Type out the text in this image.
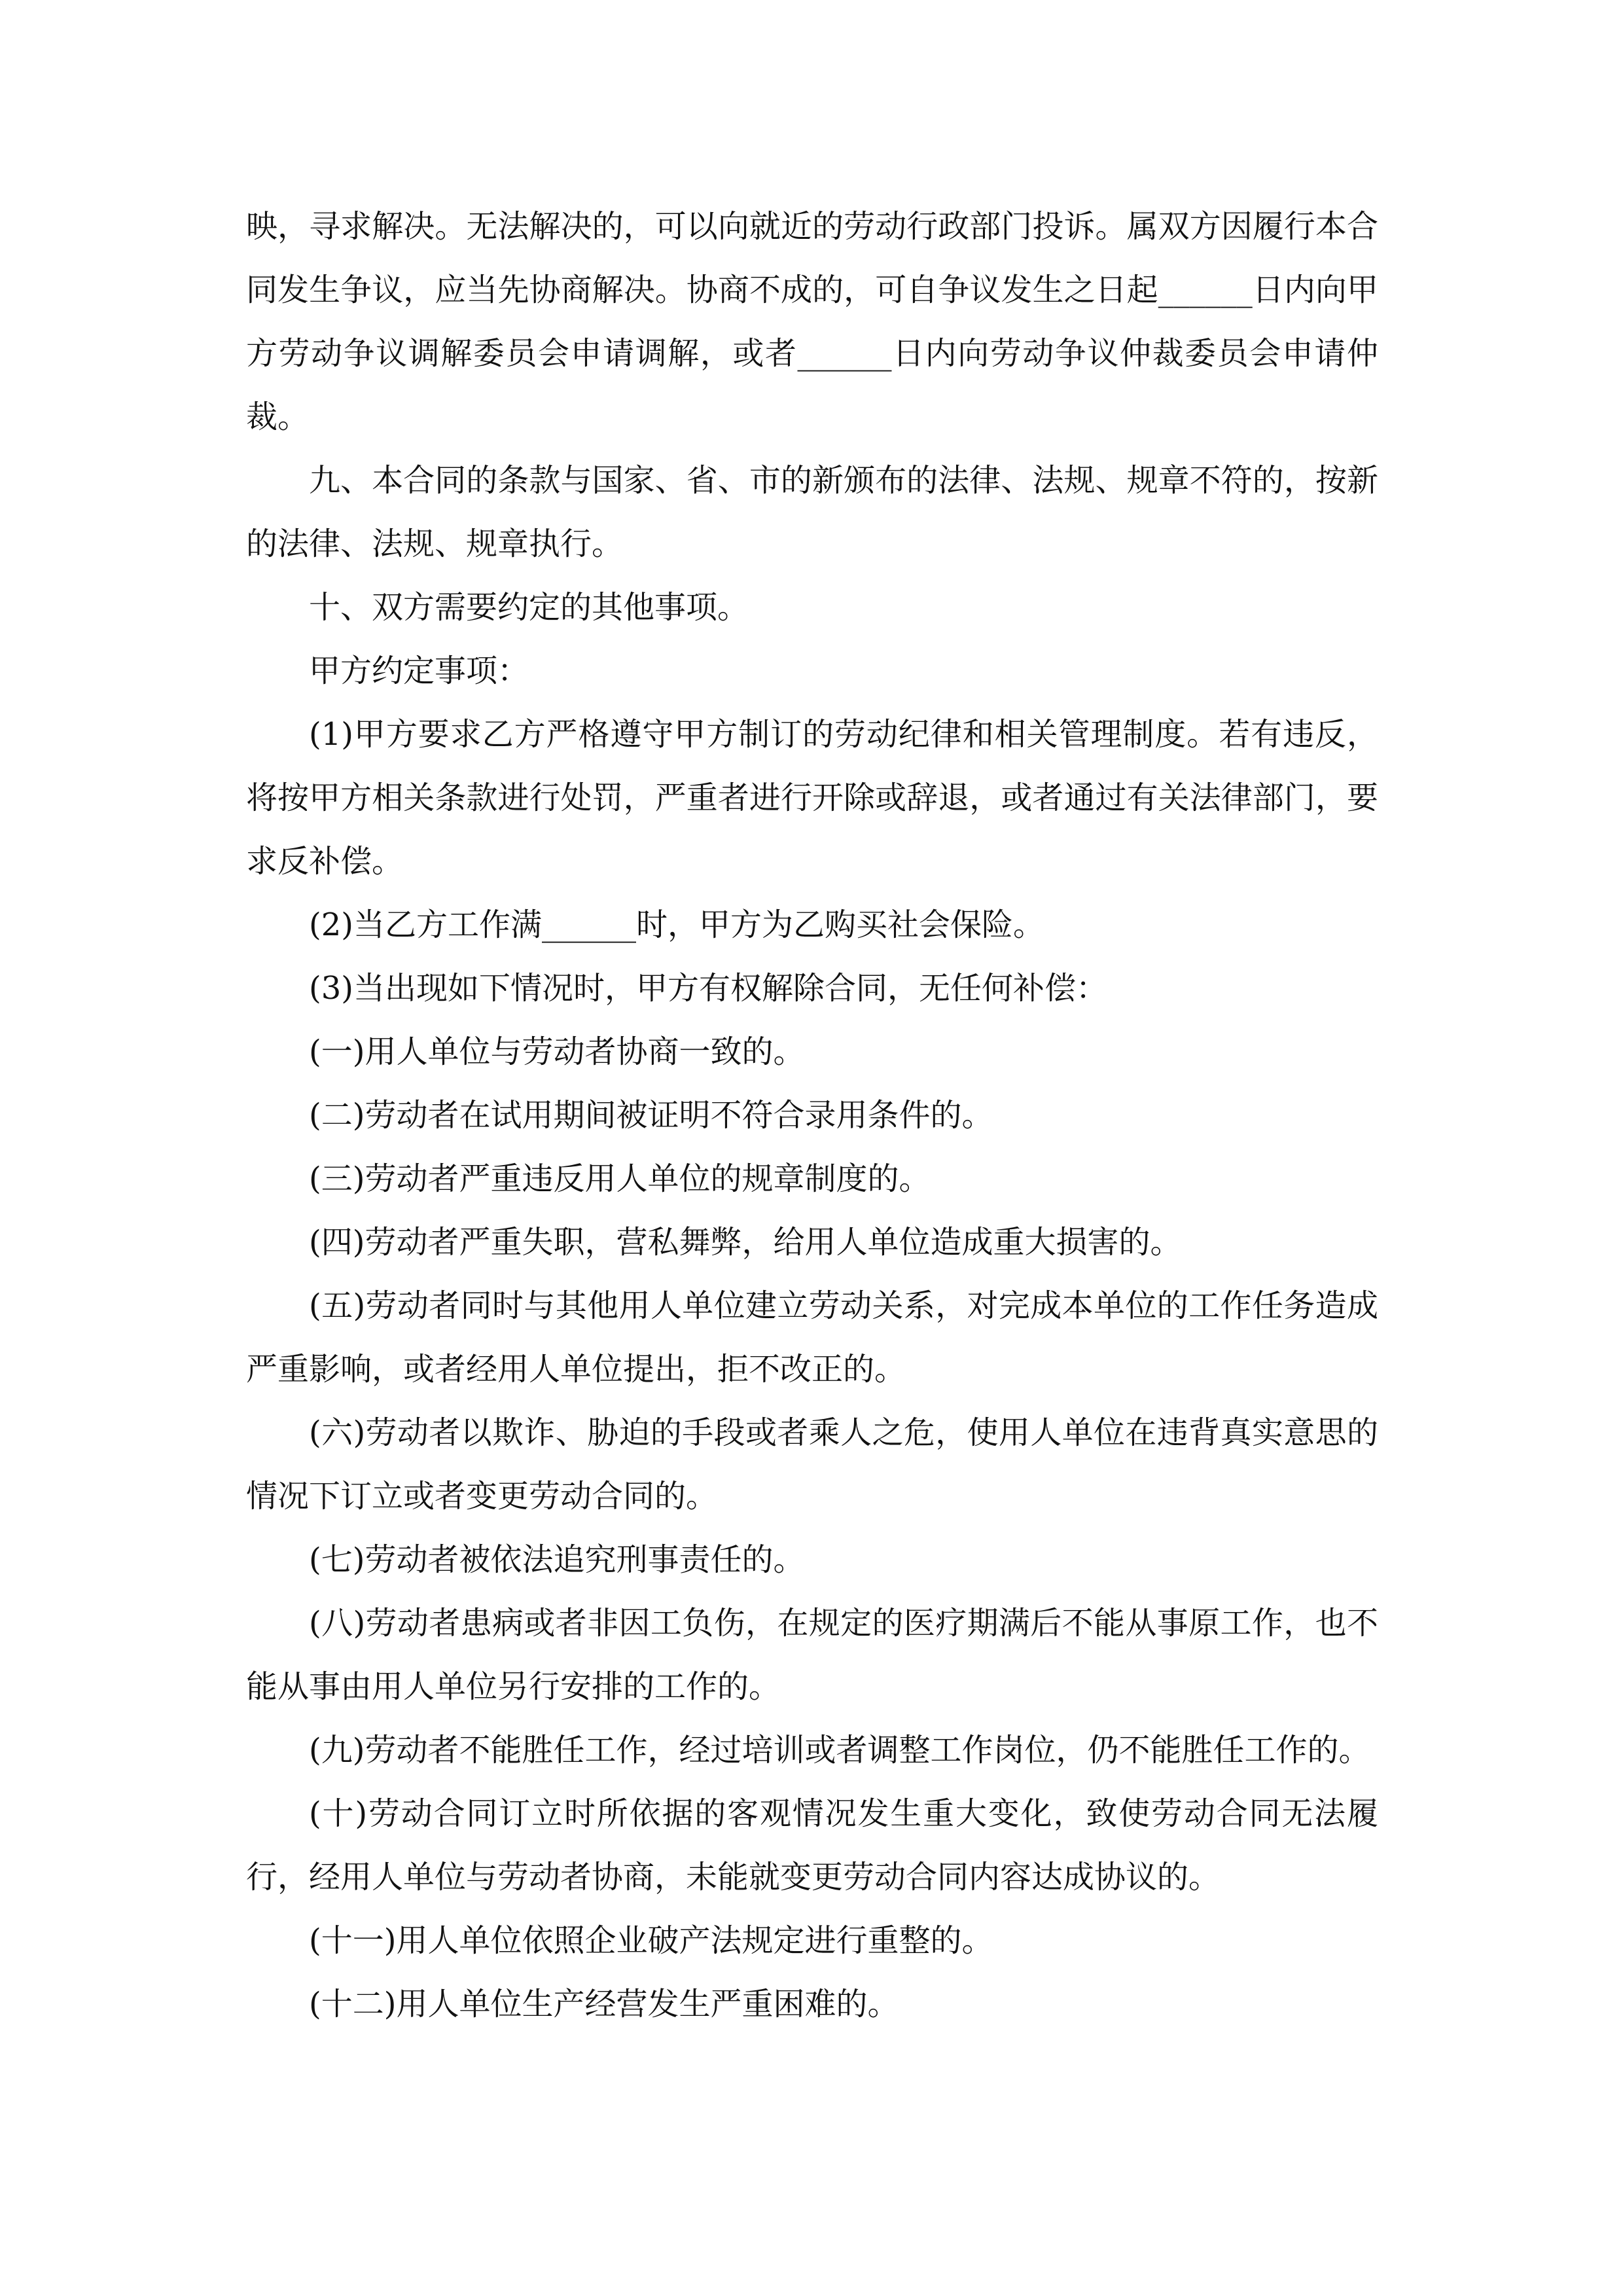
映，寻求解决。无法解决的，可以向就近的劳动行政部门投诉。属双方因履行本合同发生争议，应当先协商解决。协商不成的，可自争议发生之日起______日内向甲方劳动争议调解委员会申请调解，或者______日内向劳动争议仲裁委员会申请仲裁。

九、本合同的条款与国家、省、市的新颁布的法律、法规、规章不符的，按新的法律、法规、规章执行。

十、双方需要约定的其他事项。

甲方约定事项：

(1)甲方要求乙方严格遵守甲方制订的劳动纪律和相关管理制度。若有违反，将按甲方相关条款进行处罚，严重者进行开除或辞退，或者通过有关法律部门，要求反补偿。

(2)当乙方工作满______时，甲方为乙购买社会保险。

(3)当出现如下情况时，甲方有权解除合同，无任何补偿：

(一)用人单位与劳动者协商一致的。

(二)劳动者在试用期间被证明不符合录用条件的。

(三)劳动者严重违反用人单位的规章制度的。

(四)劳动者严重失职，营私舞弊，给用人单位造成重大损害的。

(五)劳动者同时与其他用人单位建立劳动关系，对完成本单位的工作任务造成严重影响，或者经用人单位提出，拒不改正的。

(六)劳动者以欺诈、胁迫的手段或者乘人之危，使用人单位在违背真实意思的情况下订立或者变更劳动合同的。

(七)劳动者被依法追究刑事责任的。

(八)劳动者患病或者非因工负伤，在规定的医疗期满后不能从事原工作，也不能从事由用人单位另行安排的工作的。

(九)劳动者不能胜任工作，经过培训或者调整工作岗位，仍不能胜任工作的。

(十)劳动合同订立时所依据的客观情况发生重大变化，致使劳动合同无法履行，经用人单位与劳动者协商，未能就变更劳动合同内容达成协议的。

(十一)用人单位依照企业破产法规定进行重整的。

(十二)用人单位生产经营发生严重困难的。
